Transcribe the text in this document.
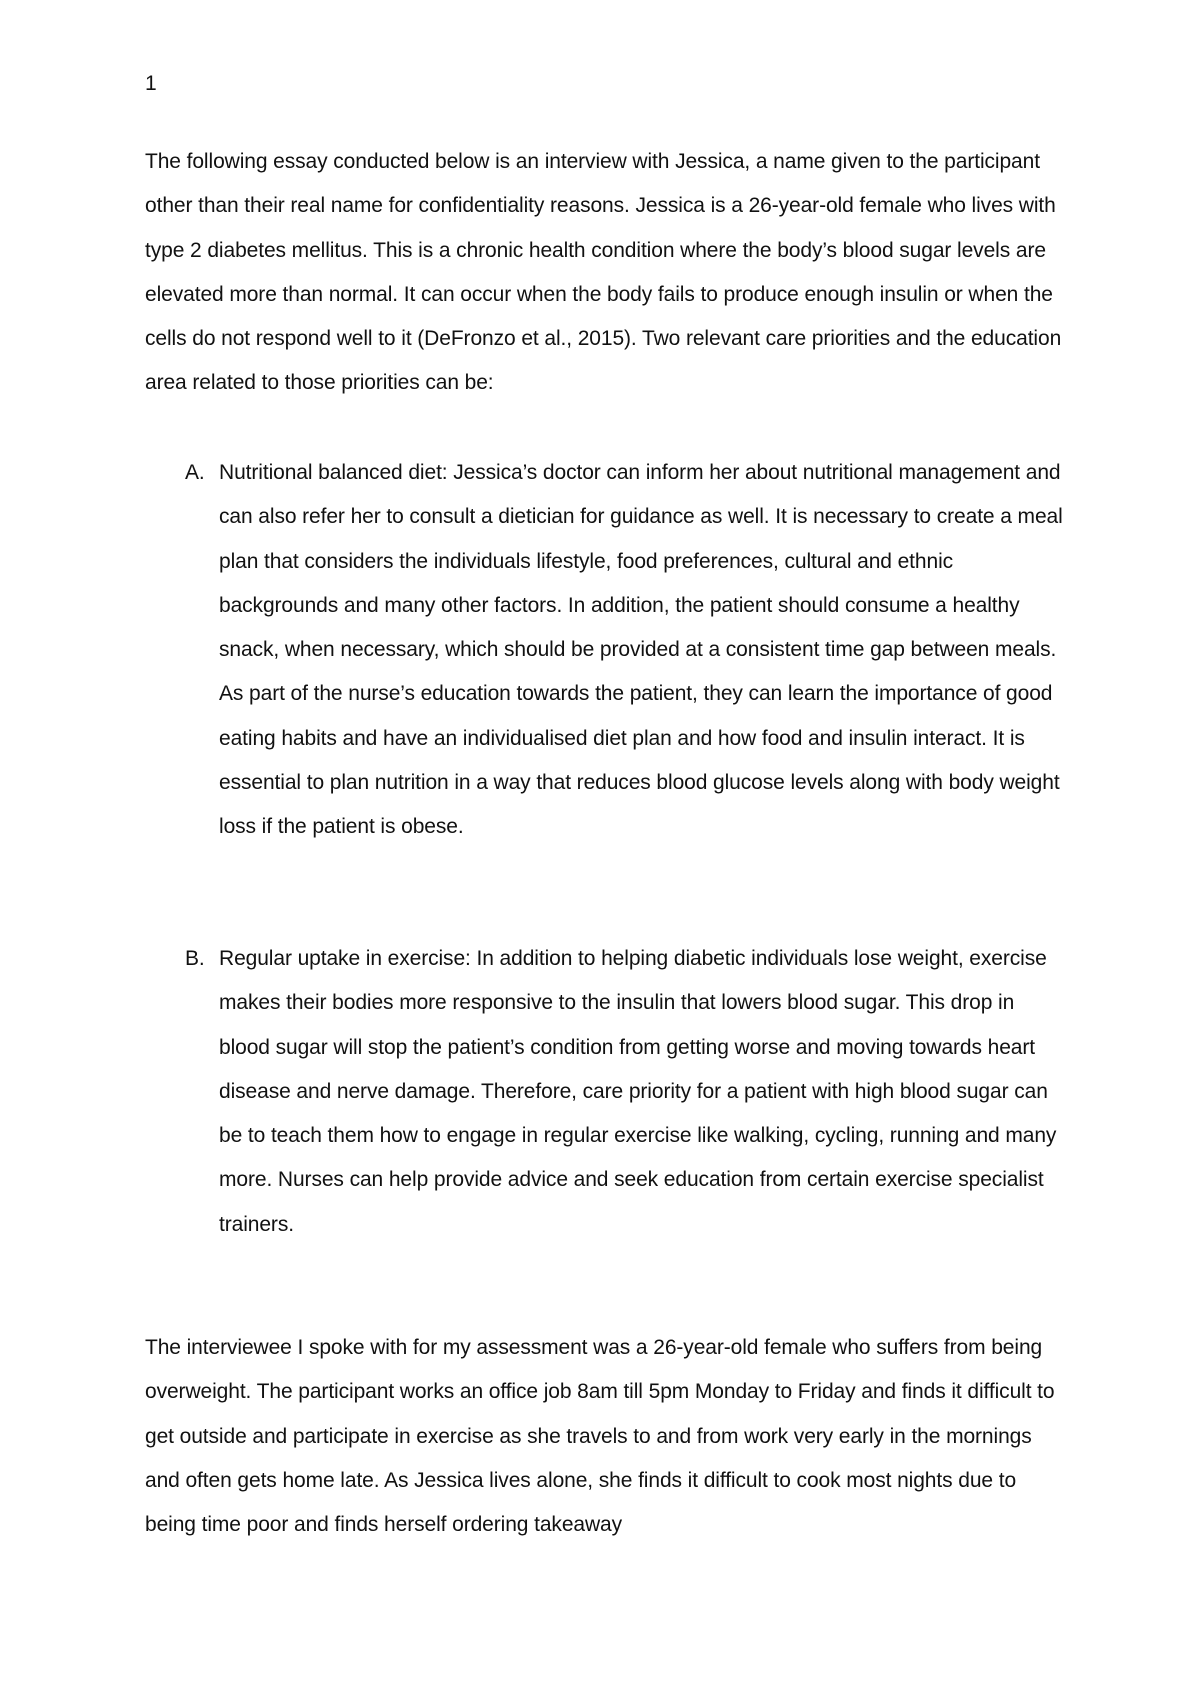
1

The following essay conducted below is an interview with Jessica, a name given to the participant other than their real name for confidentiality reasons. Jessica is a 26-year-old female who lives with type 2 diabetes mellitus. This is a chronic health condition where the body’s blood sugar levels are elevated more than normal. It can occur when the body fails to produce enough insulin or when the cells do not respond well to it (DeFronzo et al., 2015). Two relevant care priorities and the education area related to those priorities can be:

A. Nutritional balanced diet: Jessica’s doctor can inform her about nutritional management and can also refer her to consult a dietician for guidance as well. It is necessary to create a meal plan that considers the individuals lifestyle, food preferences, cultural and ethnic backgrounds and many other factors. In addition, the patient should consume a healthy snack, when necessary, which should be provided at a consistent time gap between meals. As part of the nurse’s education towards the patient, they can learn the importance of good eating habits and have an individualised diet plan and how food and insulin interact. It is essential to plan nutrition in a way that reduces blood glucose levels along with body weight loss if the patient is obese.
B. Regular uptake in exercise: In addition to helping diabetic individuals lose weight, exercise makes their bodies more responsive to the insulin that lowers blood sugar. This drop in blood sugar will stop the patient’s condition from getting worse and moving towards heart disease and nerve damage. Therefore, care priority for a patient with high blood sugar can be to teach them how to engage in regular exercise like walking, cycling, running and many more. Nurses can help provide advice and seek education from certain exercise specialist trainers.

The interviewee I spoke with for my assessment was a 26-year-old female who suffers from being overweight. The participant works an office job 8am till 5pm Monday to Friday and finds it difficult to get outside and participate in exercise as she travels to and from work very early in the mornings and often gets home late. As Jessica lives alone, she finds it difficult to cook most nights due to being time poor and finds herself ordering takeaway
